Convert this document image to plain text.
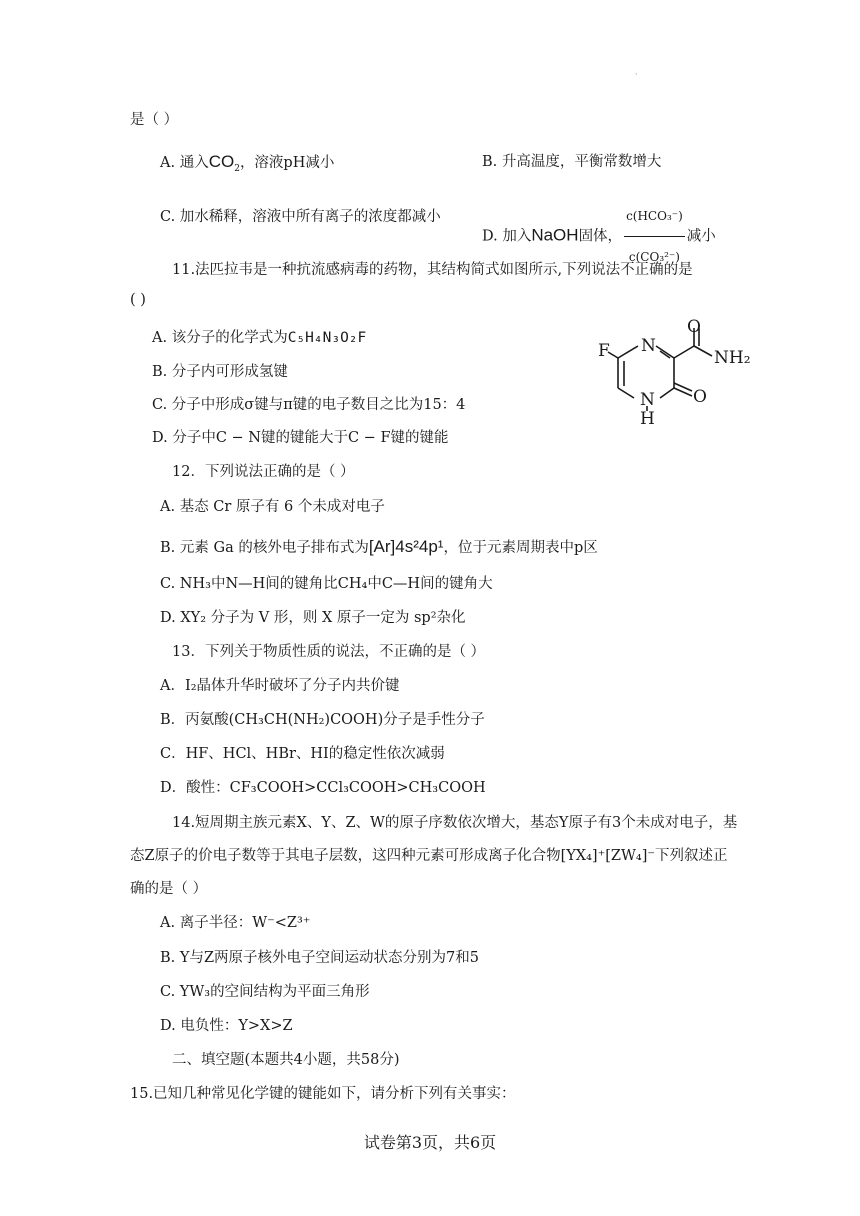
·
是（ ）
A. 通入$CO_2$，溶液pH减小	B. 升高温度，平衡常数增大
C. 加水稀释，溶液中所有离子的浓度都减小
D. 加入NaOH固体， $\frac{\text{c(HCO₃⁻)}}{\text{c(CO₃²⁻)}}$ 减小
11.法匹拉韦是一种抗流感病毒的药物，其结构简式如图所示,下列说法不正确的是
( )
A. 该分子的化学式为C₅H₄N₃O₂F
B. 分子内可形成氢键
C. 分子中形成σ键与π键的电子数目之比为15：4
D. 分子中C − N键的键能大于C − F键的键能
F N
O
NH₂
N
H
O
12．下列说法正确的是（ ）
A. 基态 Cr 原子有 6 个未成对电子
B. 元素 Ga 的核外电子排布式为[Ar]4s²4p¹，位于元素周期表中p区
C. NH₃中N—H间的键角比CH₄中C—H间的键角大
D. XY₂ 分子为 V 形，则 X 原子一定为 sp²杂化
13．下列关于物质性质的说法，不正确的是（ ）
A．I₂晶体升华时破坏了分子内共价键
B．丙氨酸(CH₃CH(NH₂)COOH)分子是手性分子
C．HF、HCl、HBr、HI的稳定性依次减弱
D．酸性：CF₃COOH>CCl₃COOH>CH₃COOH
14.短周期主族元素X、Y、Z、W的原子序数依次增大，基态Y原子有3个未成对电子，基
态Z原子的价电子数等于其电子层数，这四种元素可形成离子化合物[YX₄]⁺[ZW₄]⁻下列叙述正
确的是（ ）
A. 离子半径：W⁻<Z³⁺
B. Y与Z两原子核外电子空间运动状态分别为7和5
C. YW₃的空间结构为平面三角形
D. 电负性：Y>X>Z
二、填空题(本题共4小题，共58分)
15.已知几种常见化学键的键能如下，请分析下列有关事实：
试卷第3页，共6页
